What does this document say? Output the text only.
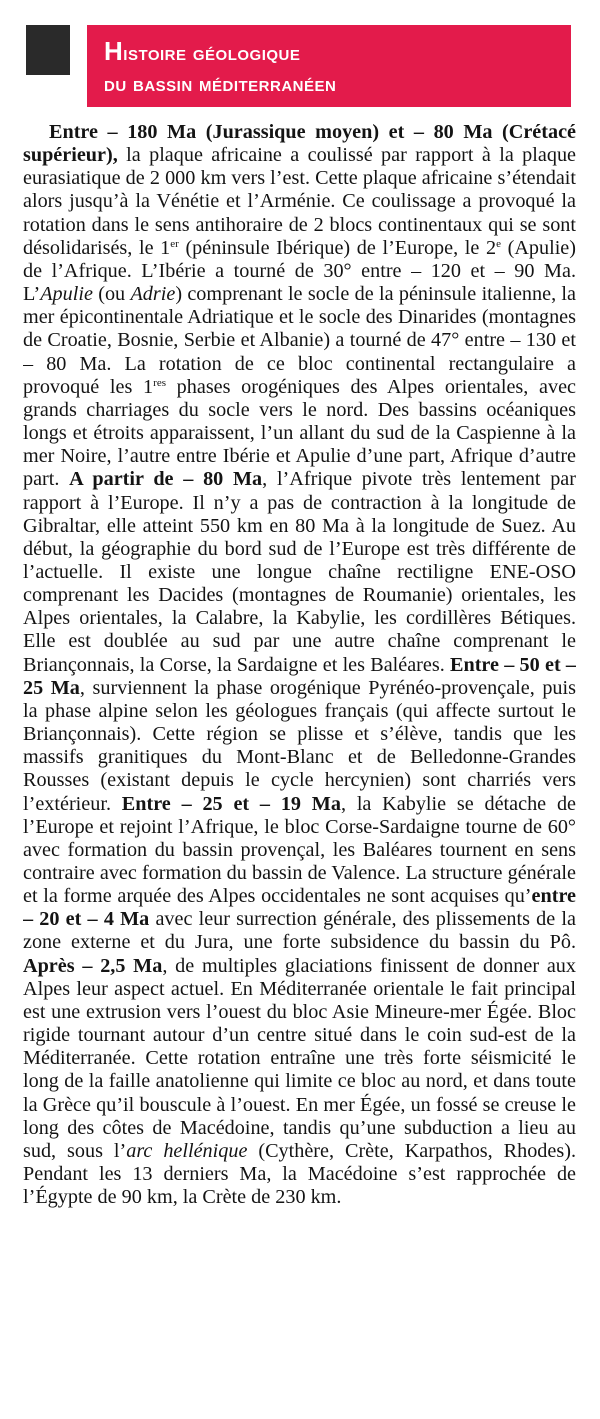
Histoire géologique
du bassin méditerranéen

Entre – 180 Ma (Jurassique moyen) et – 80 Ma (Crétacé supérieur), la plaque africaine a coulissé par rapport à la plaque eurasiatique de 2 000 km vers l’est. Cette plaque africaine s’étendait alors jusqu’à la Vénétie et l’Arménie. Ce coulissage a provoqué la rotation dans le sens antihoraire de 2 blocs continentaux qui se sont désolidarisés, le 1er (péninsule Ibérique) de l’Europe, le 2e (Apulie) de l’Afrique. L’Ibérie a tourné de 30° entre – 120 et – 90 Ma. L’Apulie (ou Adrie) comprenant le socle de la péninsule italienne, la mer épicontinentale Adriatique et le socle des Dinarides (montagnes de Croatie, Bosnie, Serbie et Albanie) a tourné de 47° entre – 130 et – 80 Ma. La rotation de ce bloc continental rectangulaire a provoqué les 1res phases orogéniques des Alpes orientales, avec grands charriages du socle vers le nord. Des bassins océaniques longs et étroits apparaissent, l’un allant du sud de la Caspienne à la mer Noire, l’autre entre Ibérie et Apulie d’une part, Afrique d’autre part. A partir de – 80 Ma, l’Afrique pivote très lentement par rapport à l’Europe. Il n’y a pas de contraction à la longitude de Gibraltar, elle atteint 550 km en 80 Ma à la longitude de Suez. Au début, la géographie du bord sud de l’Europe est très différente de l’actuelle. Il existe une longue chaîne rectiligne ENE-OSO comprenant les Dacides (montagnes de Roumanie) orientales, les Alpes orientales, la Calabre, la Kabylie, les cordillères Bétiques. Elle est doublée au sud par une autre chaîne comprenant le Briançonnais, la Corse, la Sardaigne et les Baléares. Entre – 50 et – 25 Ma, surviennent la phase orogénique Pyrénéo-provençale, puis la phase alpine selon les géologues français (qui affecte surtout le Briançonnais). Cette région se plisse et s’élève, tandis que les massifs granitiques du Mont-Blanc et de Belledonne-Grandes Rousses (existant depuis le cycle hercynien) sont charriés vers l’extérieur. Entre – 25 et – 19 Ma, la Kabylie se détache de l’Europe et rejoint l’Afrique, le bloc Corse-Sardaigne tourne de 60° avec formation du bassin provençal, les Baléares tournent en sens contraire avec formation du bassin de Valence. La structure générale et la forme arquée des Alpes occidentales ne sont acquises qu’entre – 20 et – 4 Ma avec leur surrection générale, des plissements de la zone externe et du Jura, une forte subsidence du bassin du Pô. Après – 2,5 Ma, de multiples glaciations finissent de donner aux Alpes leur aspect actuel. En Méditerranée orientale le fait principal est une extrusion vers l’ouest du bloc Asie Mineure-mer Égée. Bloc rigide tournant autour d’un centre situé dans le coin sud-est de la Méditerranée. Cette rotation entraîne une très forte séismicité le long de la faille anatolienne qui limite ce bloc au nord, et dans toute la Grèce qu’il bouscule à l’ouest. En mer Égée, un fossé se creuse le long des côtes de Macédoine, tandis qu’une subduction a lieu au sud, sous l’arc hellénique (Cythère, Crète, Karpathos, Rhodes). Pendant les 13 derniers Ma, la Macédoine s’est rapprochée de l’Égypte de 90 km, la Crète de 230 km.
